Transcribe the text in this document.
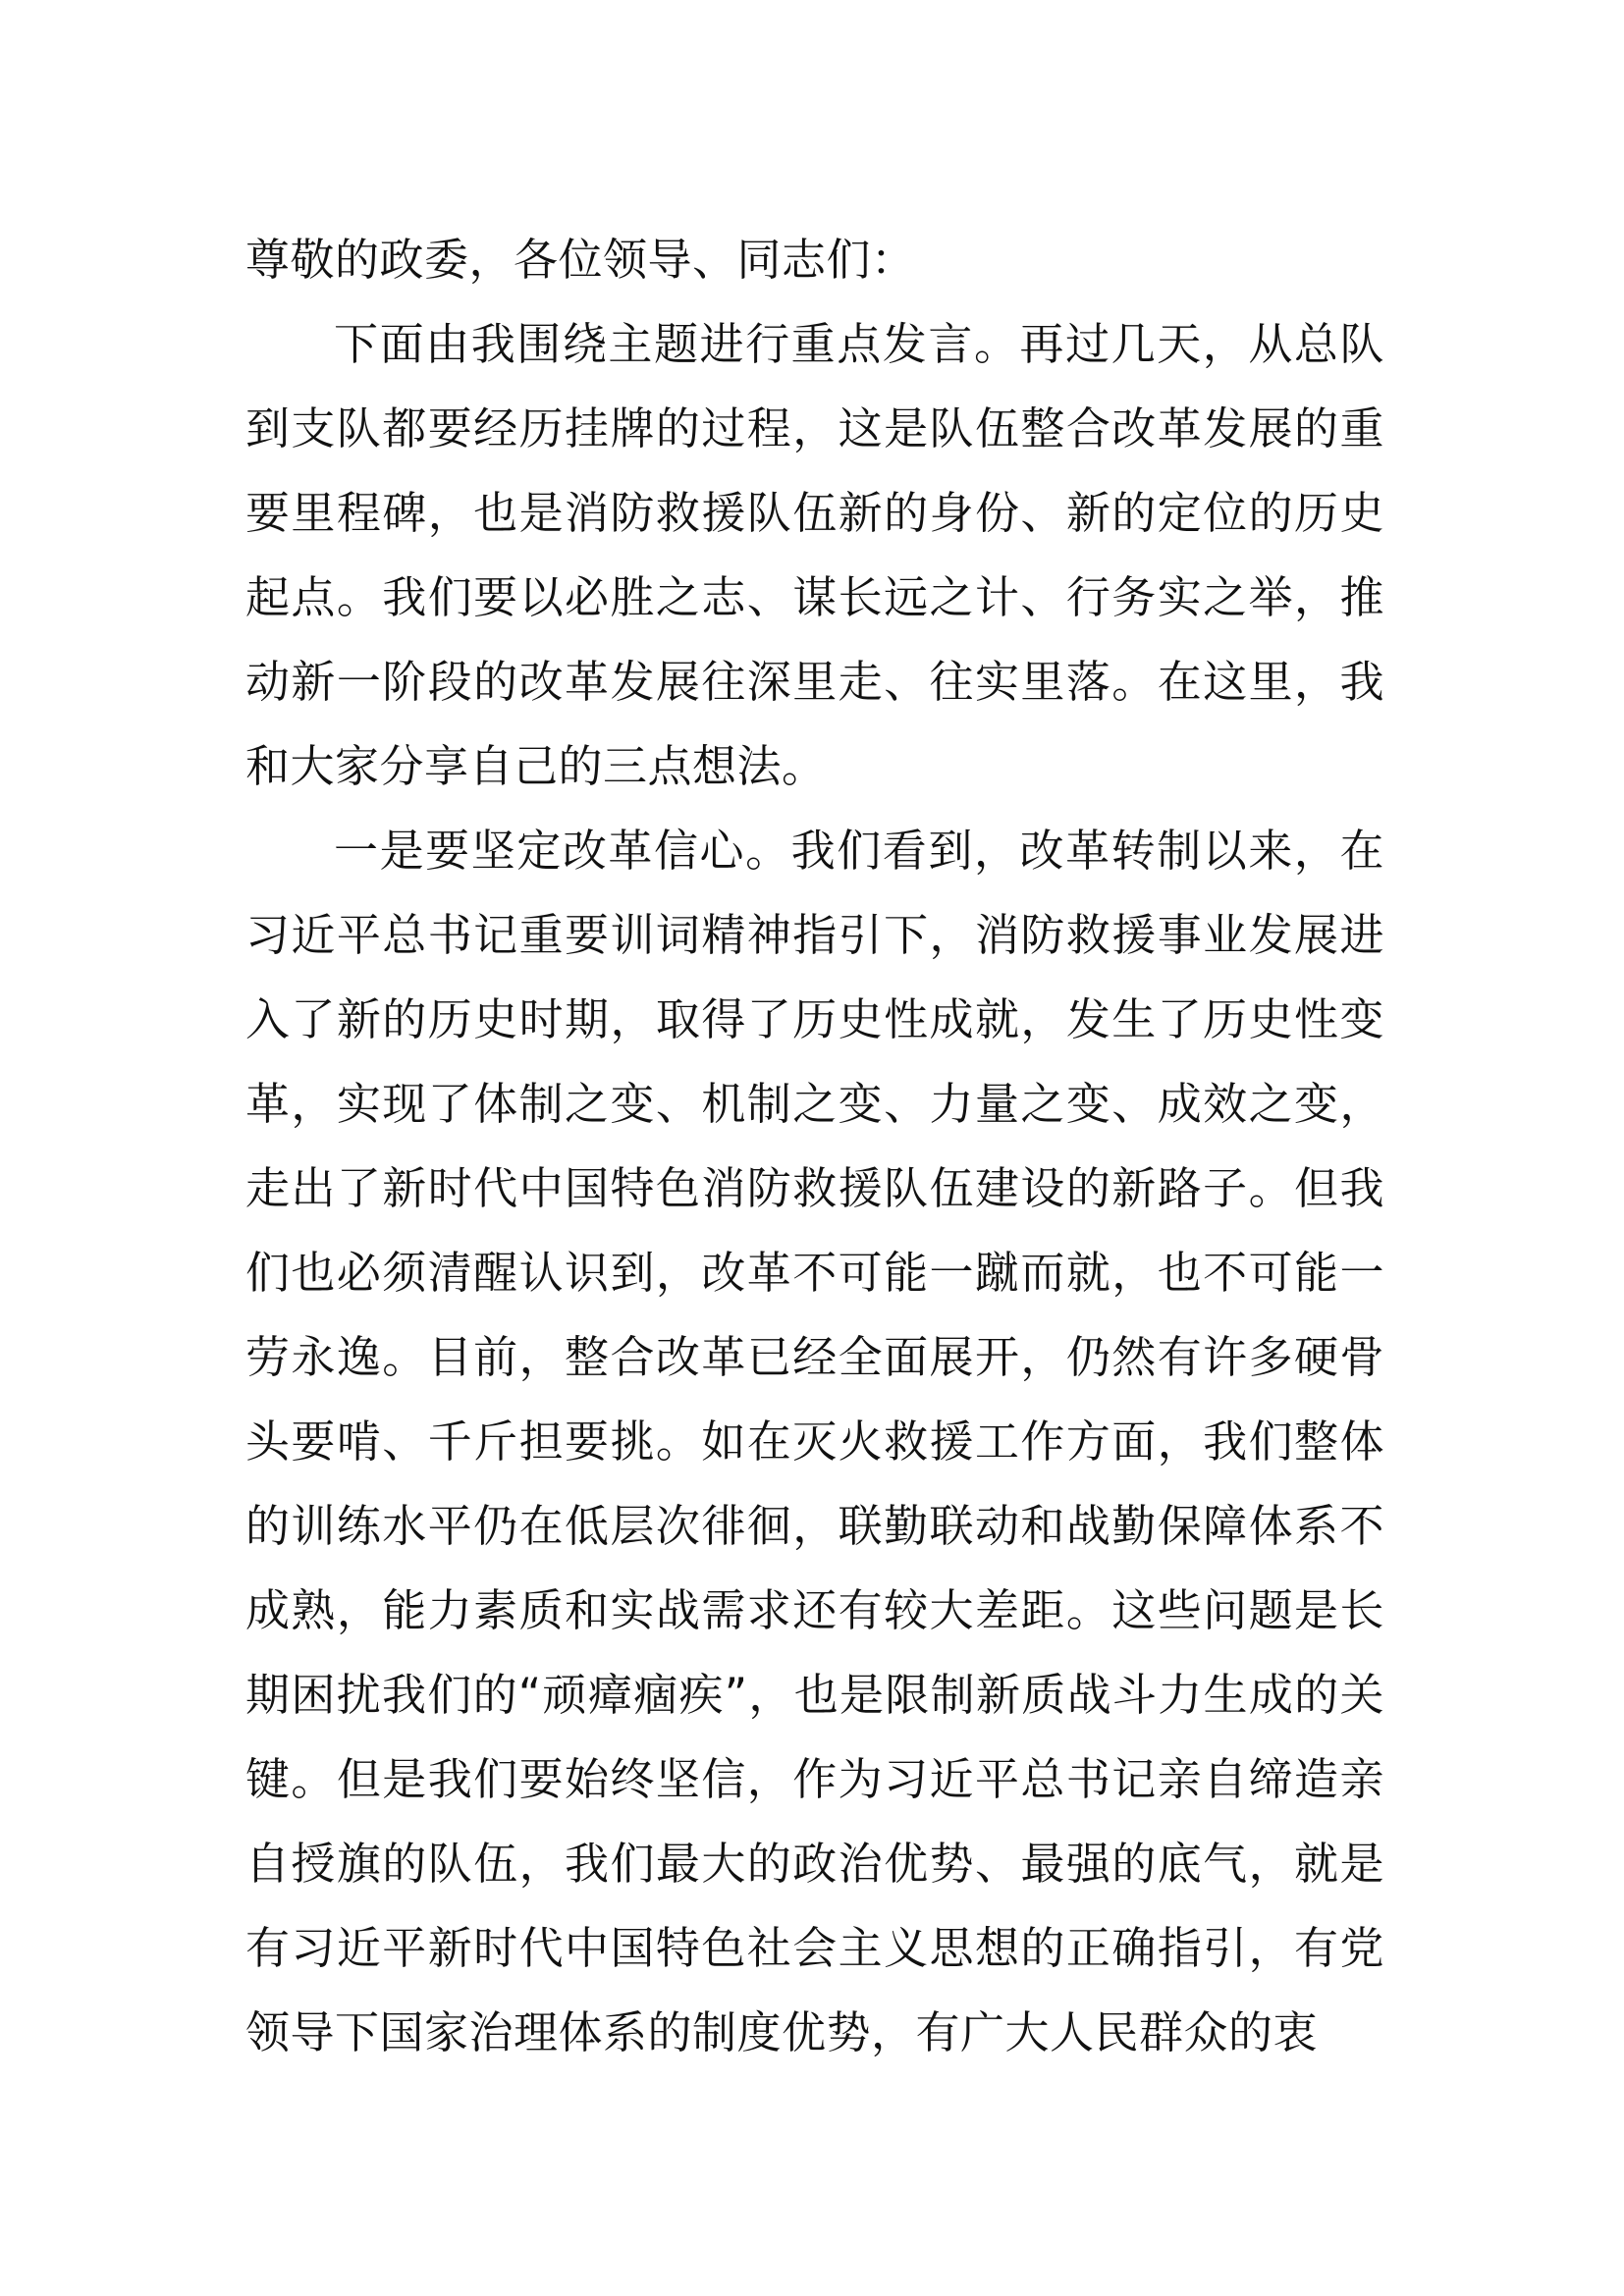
尊敬的政委，各位领导、同志们：

下面由我围绕主题进行重点发言。再过几天，从总队到支队都要经历挂牌的过程，这是队伍整合改革发展的重要里程碑，也是消防救援队伍新的身份、新的定位的历史起点。我们要以必胜之志、谋长远之计、行务实之举，推动新一阶段的改革发展往深里走、往实里落。在这里，我和大家分享自己的三点想法。

一是要坚定改革信心。我们看到，改革转制以来，在习近平总书记重要训词精神指引下，消防救援事业发展进入了新的历史时期，取得了历史性成就，发生了历史性变革，实现了体制之变、机制之变、力量之变、成效之变，走出了新时代中国特色消防救援队伍建设的新路子。但我们也必须清醒认识到，改革不可能一蹴而就，也不可能一劳永逸。目前，整合改革已经全面展开，仍然有许多硬骨头要啃、千斤担要挑。如在灭火救援工作方面，我们整体的训练水平仍在低层次徘徊，联勤联动和战勤保障体系不成熟，能力素质和实战需求还有较大差距。这些问题是长期困扰我们的“顽瘴痼疾”，也是限制新质战斗力生成的关键。但是我们要始终坚信，作为习近平总书记亲自缔造亲自授旗的队伍，我们最大的政治优势、最强的底气，就是有习近平新时代中国特色社会主义思想的正确指引，有党领导下国家治理体系的制度优势，有广大人民群众的衷
